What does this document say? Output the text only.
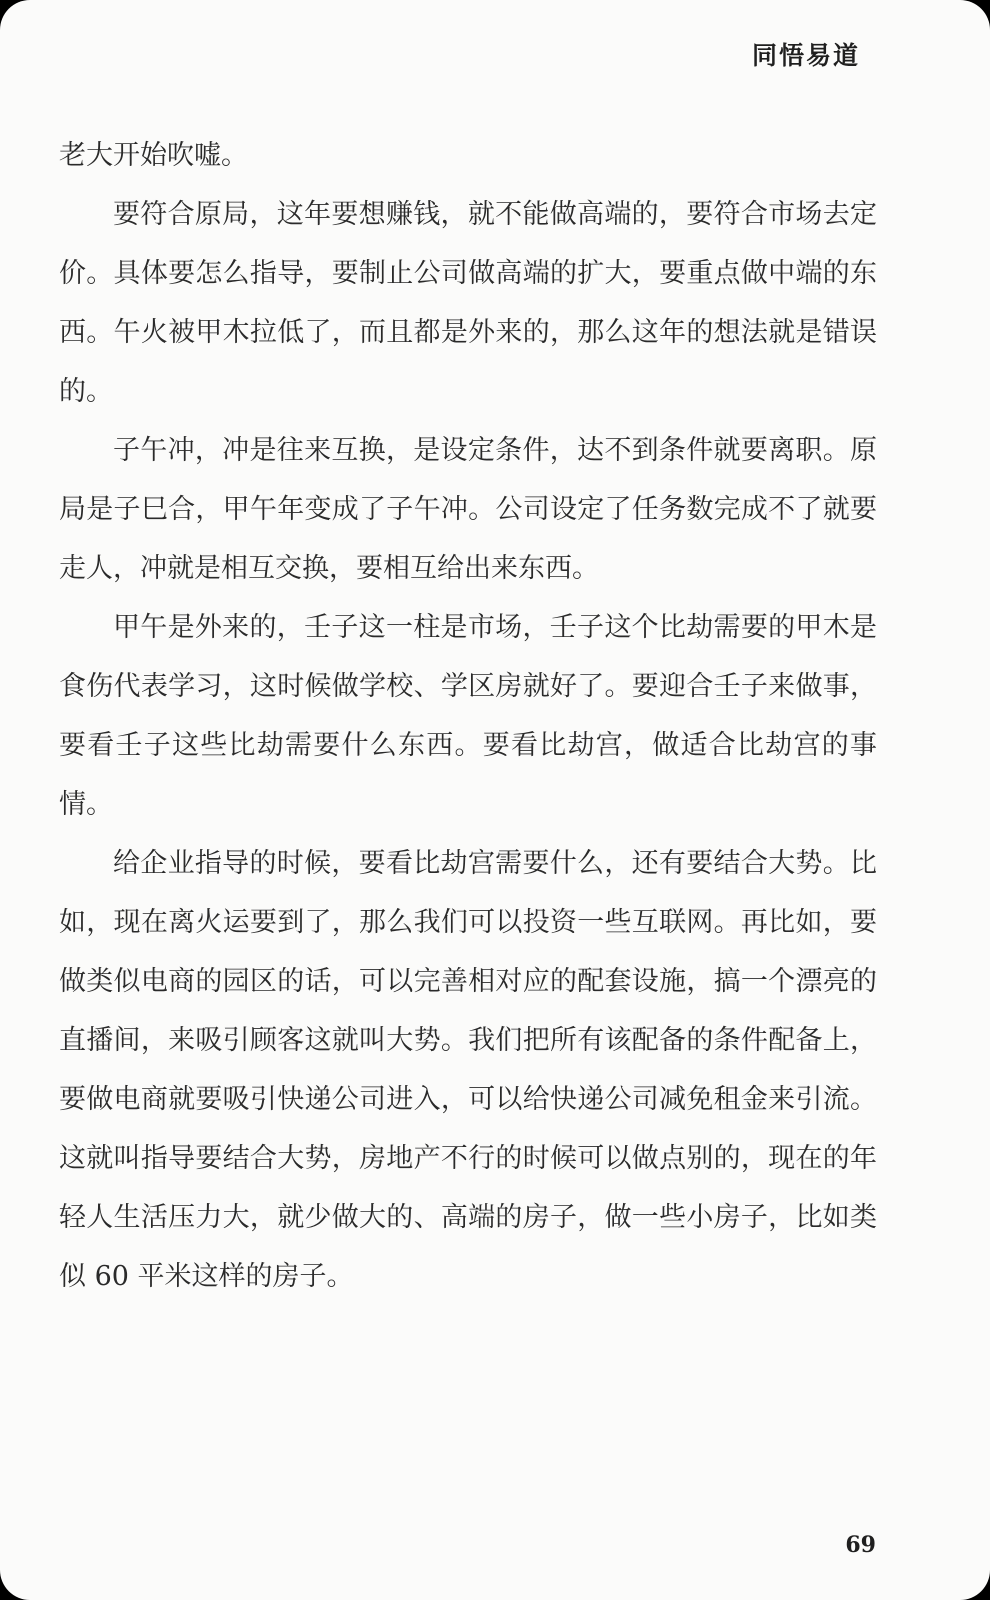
同悟易道

老大开始吹嘘。

要符合原局，这年要想赚钱，就不能做高端的，要符合市场去定价。具体要怎么指导，要制止公司做高端的扩大，要重点做中端的东西。午火被甲木拉低了，而且都是外来的，那么这年的想法就是错误的。

子午冲，冲是往来互换，是设定条件，达不到条件就要离职。原局是子巳合，甲午年变成了子午冲。公司设定了任务数完成不了就要走人，冲就是相互交换，要相互给出来东西。

甲午是外来的，壬子这一柱是市场，壬子这个比劫需要的甲木是食伤代表学习，这时候做学校、学区房就好了。要迎合壬子来做事，要看壬子这些比劫需要什么东西。要看比劫宫，做适合比劫宫的事情。

给企业指导的时候，要看比劫宫需要什么，还有要结合大势。比如，现在离火运要到了，那么我们可以投资一些互联网。再比如，要做类似电商的园区的话，可以完善相对应的配套设施，搞一个漂亮的直播间，来吸引顾客这就叫大势。我们把所有该配备的条件配备上，要做电商就要吸引快递公司进入，可以给快递公司减免租金来引流。这就叫指导要结合大势，房地产不行的时候可以做点别的，现在的年轻人生活压力大，就少做大的、高端的房子，做一些小房子，比如类似 60 平米这样的房子。

69
